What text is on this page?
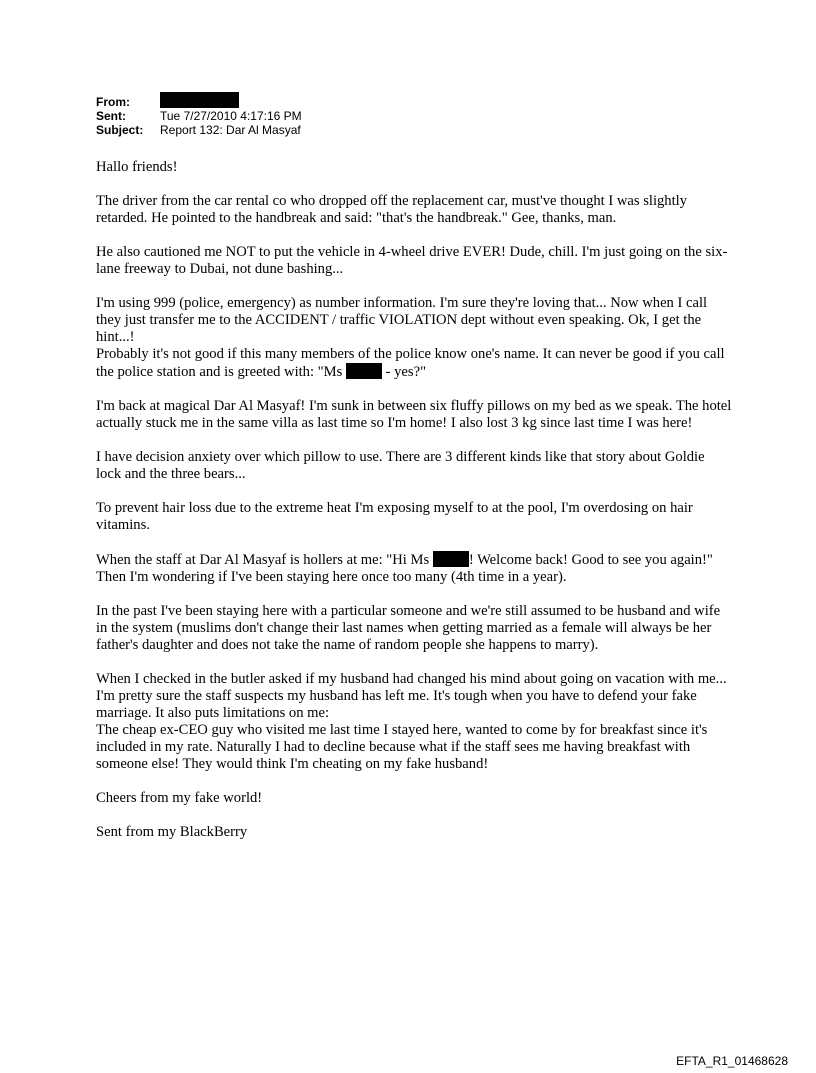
From:
Sent:	Tue 7/27/2010 4:17:16 PM
Subject:	Report 132: Dar Al Masyaf

Hallo friends!

The driver from the car rental co who dropped off the replacement car, must've thought I was slightly retarded. He pointed to the handbreak and said: "that's the handbreak." Gee, thanks, man.

He also cautioned me NOT to put the vehicle in 4-wheel drive EVER! Dude, chill. I'm just going on the six-lane freeway to Dubai, not dune bashing...

I'm using 999 (police, emergency) as number information. I'm sure they're loving that... Now when I call they just transfer me to the ACCIDENT / traffic VIOLATION dept without even speaking. Ok, I get the hint...!

Probably it's not good if this many members of the police know one's name. It can never be good if you call the police station and is greeted with: "Ms	- yes?"

I'm back at magical Dar Al Masyaf! I'm sunk in between six fluffy pillows on my bed as we speak. The hotel actually stuck me in the same villa as last time so I'm home! I also lost 3 kg since last time I was here!

I have decision anxiety over which pillow to use. There are 3 different kinds like that story about Goldie lock and the three bears...

To prevent hair loss due to the extreme heat I'm exposing myself to at the pool, I'm overdosing on hair vitamins.

When the staff at Dar Al Masyaf is hollers at me: "Hi Ms	! Welcome back! Good to see you again!" Then I'm wondering if I've been staying here once too many (4th time in a year).

In the past I've been staying here with a particular someone and we're still assumed to be husband and wife in the system (muslims don't change their last names when getting married as a female will always be her father's daughter and does not take the name of random people she happens to marry).

When I checked in the butler asked if my husband had changed his mind about going on vacation with me... I'm pretty sure the staff suspects my husband has left me. It's tough when you have to defend your fake marriage. It also puts limitations on me:

The cheap ex-CEO guy who visited me last time I stayed here, wanted to come by for breakfast since it's included in my rate. Naturally I had to decline because what if the staff sees me having breakfast with someone else! They would think I'm cheating on my fake husband!

Cheers from my fake world!

Sent from my BlackBerry

EFTA_R1_01468628
